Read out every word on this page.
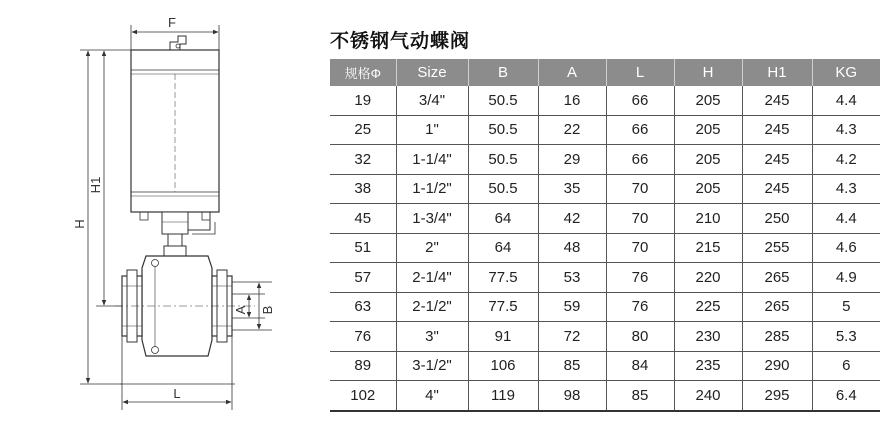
F
H1
H
L
A B
不锈钢气动蝶阀
规格Φ	Size	B	A	L	H	H1	KG
19	3/4"	50.5	16	66	205	245	4.4
25	1"	50.5	22	66	205	245	4.3
32	1-1/4"	50.5	29	66	205	245	4.2
38	1-1/2"	50.5	35	70	205	245	4.3
45	1-3/4"	64	42	70	210	250	4.4
51	2"	64	48	70	215	255	4.6
57	2-1/4"	77.5	53	76	220	265	4.9
63	2-1/2"	77.5	59	76	225	265	5
76	3"	91	72	80	230	285	5.3
89	3-1/2"	106	85	84	235	290	6
102	4"	119	98	85	240	295	6.4
